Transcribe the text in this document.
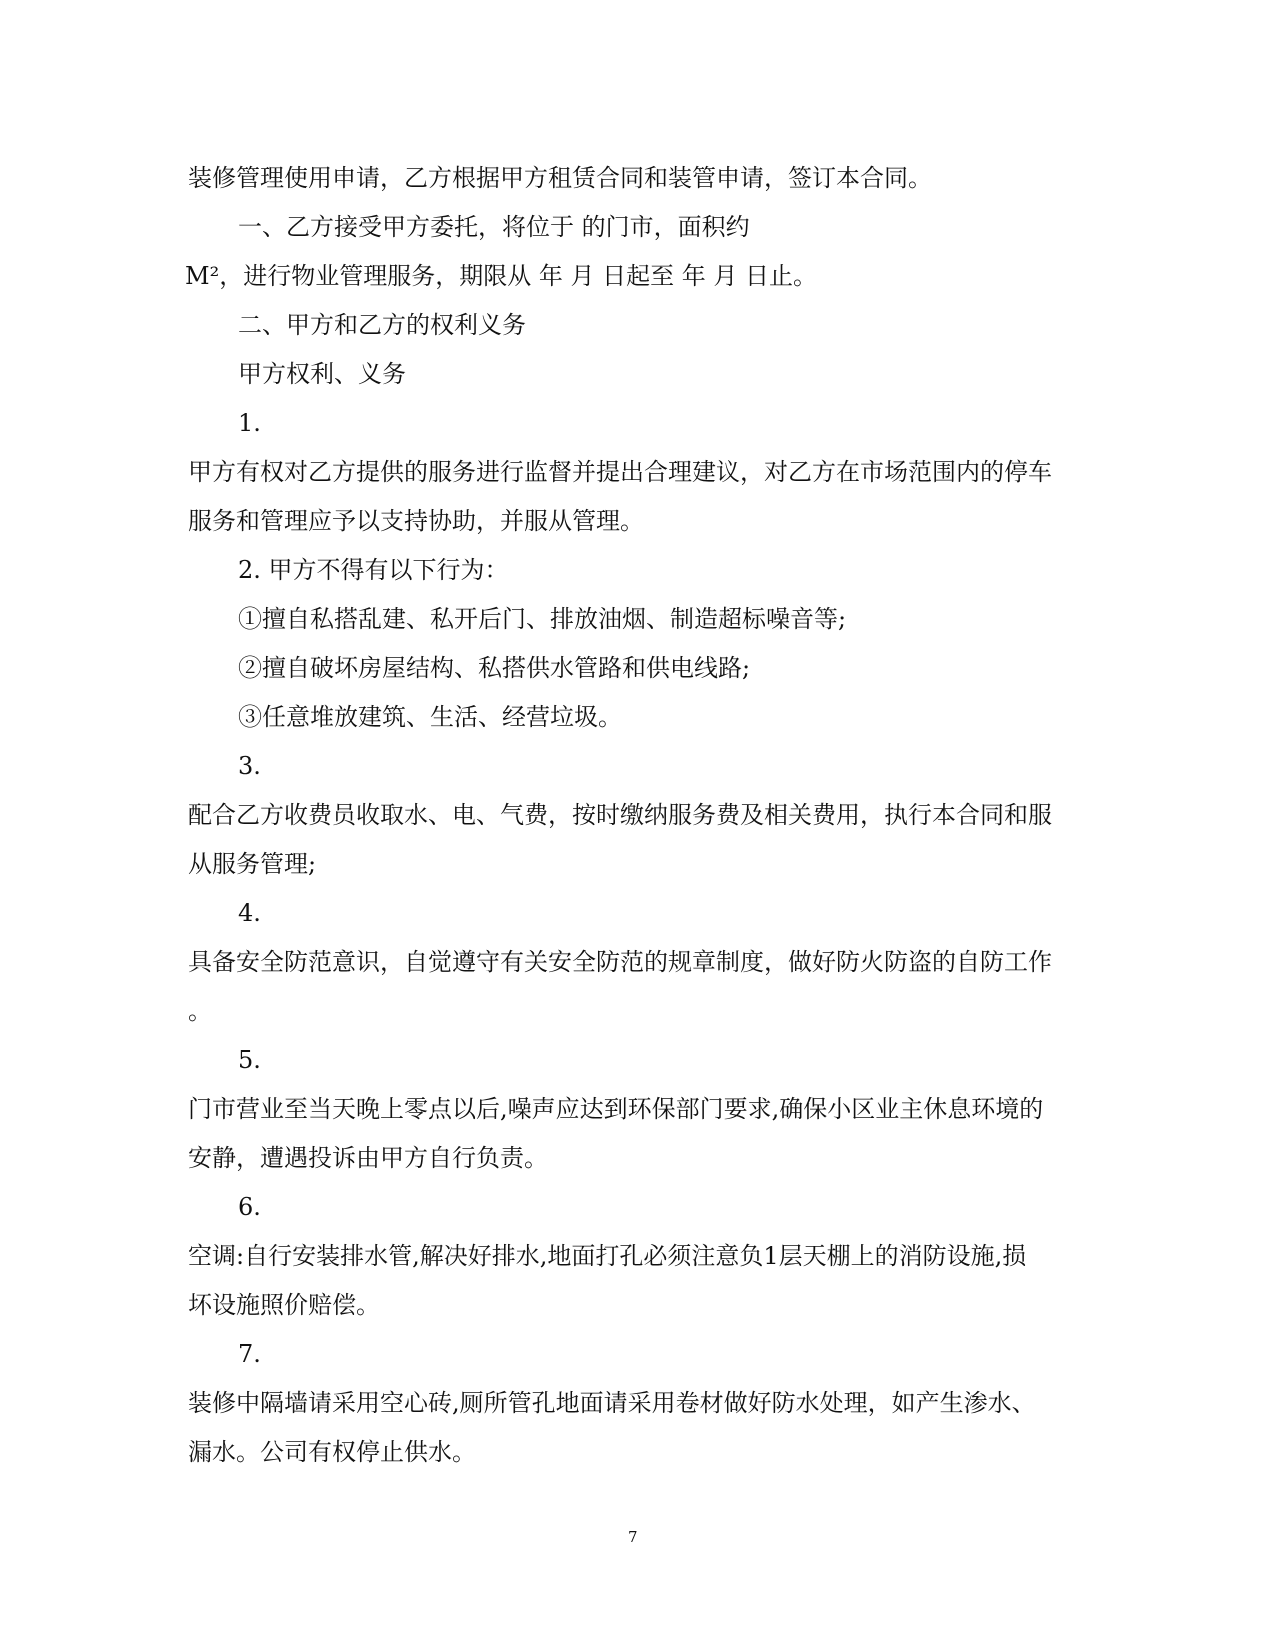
装修管理使用申请，乙方根据甲方租赁合同和装管申请，签订本合同。
一、乙方接受甲方委托，将位于 的门市，面积约
M²，进行物业管理服务，期限从 年 月 日起至 年 月 日止。
二、甲方和乙方的权利义务
甲方权利、义务
1.
甲方有权对乙方提供的服务进行监督并提出合理建议，对乙方在市场范围内的停车
服务和管理应予以支持协助，并服从管理。
2. 甲方不得有以下行为：
①擅自私搭乱建、私开后门、排放油烟、制造超标噪音等;
②擅自破坏房屋结构、私搭供水管路和供电线路;
③任意堆放建筑、生活、经营垃圾。
3.
配合乙方收费员收取水、电、气费，按时缴纳服务费及相关费用，执行本合同和服
从服务管理;
4.
具备安全防范意识，自觉遵守有关安全防范的规章制度，做好防火防盗的自防工作
。
5.
门市营业至当天晚上零点以后,噪声应达到环保部门要求,确保小区业主休息环境的
安静，遭遇投诉由甲方自行负责。
6.
空调:自行安装排水管,解决好排水,地面打孔必须注意负1层天棚上的消防设施,损
坏设施照价赔偿。
7.
装修中隔墙请采用空心砖,厕所管孔地面请采用卷材做好防水处理，如产生渗水、
漏水。公司有权停止供水。
7
